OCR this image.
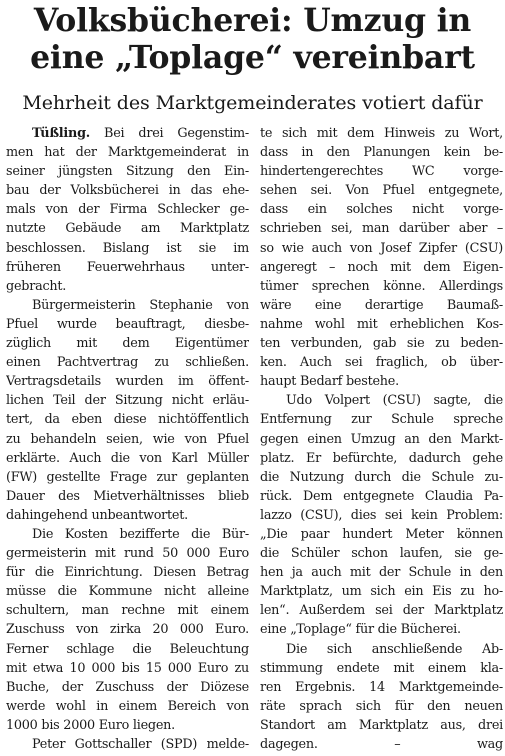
Volksbücherei: Umzug in
eine „Toplage“ vereinbart
Mehrheit des Marktgemeinderates votiert dafür
Tüßling. Bei drei Gegenstim-
men hat der Marktgemeinderat in
seiner jüngsten Sitzung den Ein-
bau der Volksbücherei in das ehe-
mals von der Firma Schlecker ge-
nutzte Gebäude am Marktplatz
beschlossen. Bislang ist sie im
früheren Feuerwehrhaus unter-
gebracht.
Bürgermeisterin Stephanie von
Pfuel wurde beauftragt, diesbe-
züglich mit dem Eigentümer
einen Pachtvertrag zu schließen.
Vertragsdetails wurden im öffent-
lichen Teil der Sitzung nicht erläu-
tert, da eben diese nichtöffentlich
zu behandeln seien, wie von Pfuel
erklärte. Auch die von Karl Müller
(FW) gestellte Frage zur geplanten
Dauer des Mietverhältnisses blieb
dahingehend unbeantwortet.
Die Kosten bezifferte die Bür-
germeisterin mit rund 50 000 Euro
für die Einrichtung. Diesen Betrag
müsse die Kommune nicht alleine
schultern, man rechne mit einem
Zuschuss von zirka 20 000 Euro.
Ferner schlage die Beleuchtung
mit etwa 10 000 bis 15 000 Euro zu
Buche, der Zuschuss der Diözese
werde wohl in einem Bereich von
1000 bis 2000 Euro liegen.
Peter Gottschaller (SPD) melde-
te sich mit dem Hinweis zu Wort,
dass in den Planungen kein be-
hindertengerechtes WC vorge-
sehen sei. Von Pfuel entgegnete,
dass ein solches nicht vorge-
schrieben sei, man darüber aber –
so wie auch von Josef Zipfer (CSU)
angeregt – noch mit dem Eigen-
tümer sprechen könne. Allerdings
wäre eine derartige Baumaß-
nahme wohl mit erheblichen Kos-
ten verbunden, gab sie zu beden-
ken. Auch sei fraglich, ob über-
haupt Bedarf bestehe.
Udo Volpert (CSU) sagte, die
Entfernung zur Schule spreche
gegen einen Umzug an den Markt-
platz. Er befürchte, dadurch gehe
die Nutzung durch die Schule zu-
rück. Dem entgegnete Claudia Pa-
lazzo (CSU), dies sei kein Problem:
„Die paar hundert Meter können
die Schüler schon laufen, sie ge-
hen ja auch mit der Schule in den
Marktplatz, um sich ein Eis zu ho-
len“. Außerdem sei der Marktplatz
eine „Toplage“ für die Bücherei.
Die sich anschließende Ab-
stimmung endete mit einem kla-
ren Ergebnis. 14 Marktgemeinde-
räte sprach sich für den neuen
Standort am Marktplatz aus, drei
dagegen. – wag
